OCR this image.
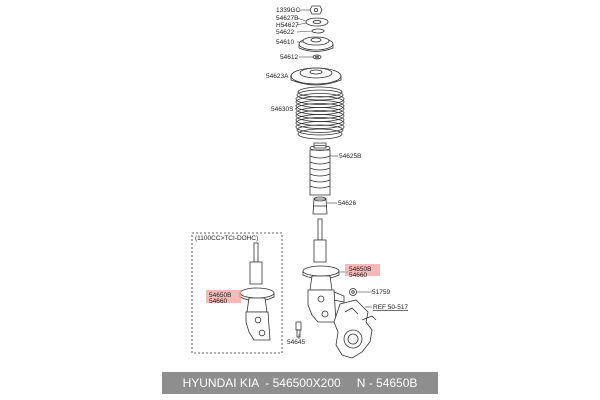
1339GC
54627B
H54627
54622
54610
54612
54623A
54630S
54625B
54626
54650B
54660
51759
REF 50-517
54645
(1100CC>TCI-DOHC)
54650B
54660
HYUNDAI KIA - 546500X200 N - 54650B
